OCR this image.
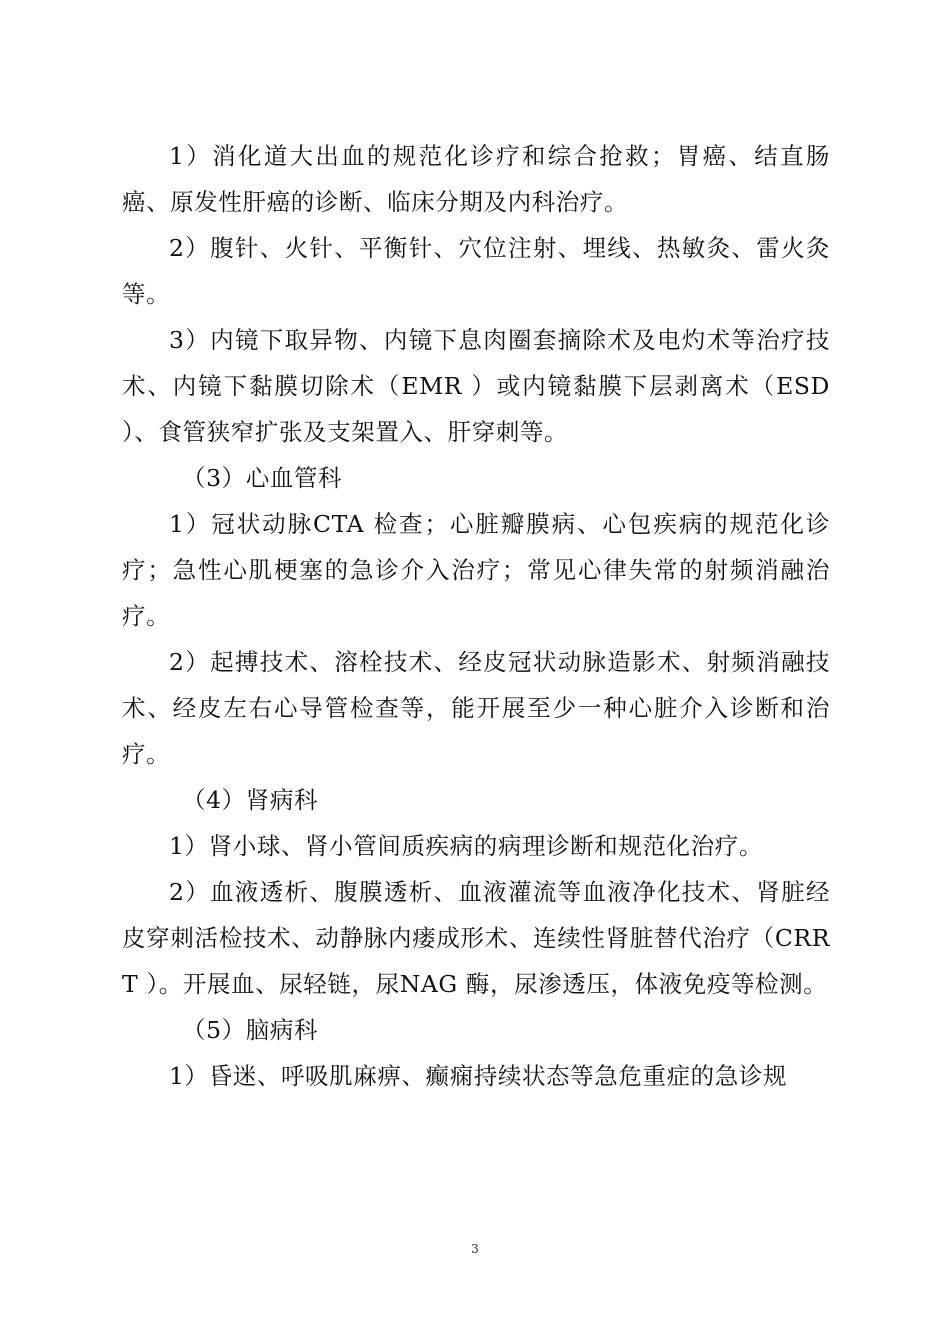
1）消化道大出血的规范化诊疗和综合抢救；胃癌、结直肠癌、原发性肝癌的诊断、临床分期及内科治疗。

2）腹针、火针、平衡针、穴位注射、埋线、热敏灸、雷火灸等。

3）内镜下取异物、内镜下息肉圈套摘除术及电灼术等治疗技术、内镜下黏膜切除术（EMR ）或内镜黏膜下层剥离术（ESD ）、食管狭窄扩张及支架置入、肝穿刺等。

（3）心血管科

1）冠状动脉CTA 检查；心脏瓣膜病、心包疾病的规范化诊疗；急性心肌梗塞的急诊介入治疗；常见心律失常的射频消融治疗。

2）起搏技术、溶栓技术、经皮冠状动脉造影术、射频消融技术、经皮左右心导管检查等，能开展至少一种心脏介入诊断和治疗。

（4）肾病科

1）肾小球、肾小管间质疾病的病理诊断和规范化治疗。

2）血液透析、腹膜透析、血液灌流等血液净化技术、肾脏经皮穿刺活检技术、动静脉内瘘成形术、连续性肾脏替代治疗（CRRT ）。开展血、尿轻链，尿NAG 酶，尿渗透压，体液免疫等检测。

（5）脑病科

1）昏迷、呼吸肌麻痹、癫痫持续状态等急危重症的急诊规

3
